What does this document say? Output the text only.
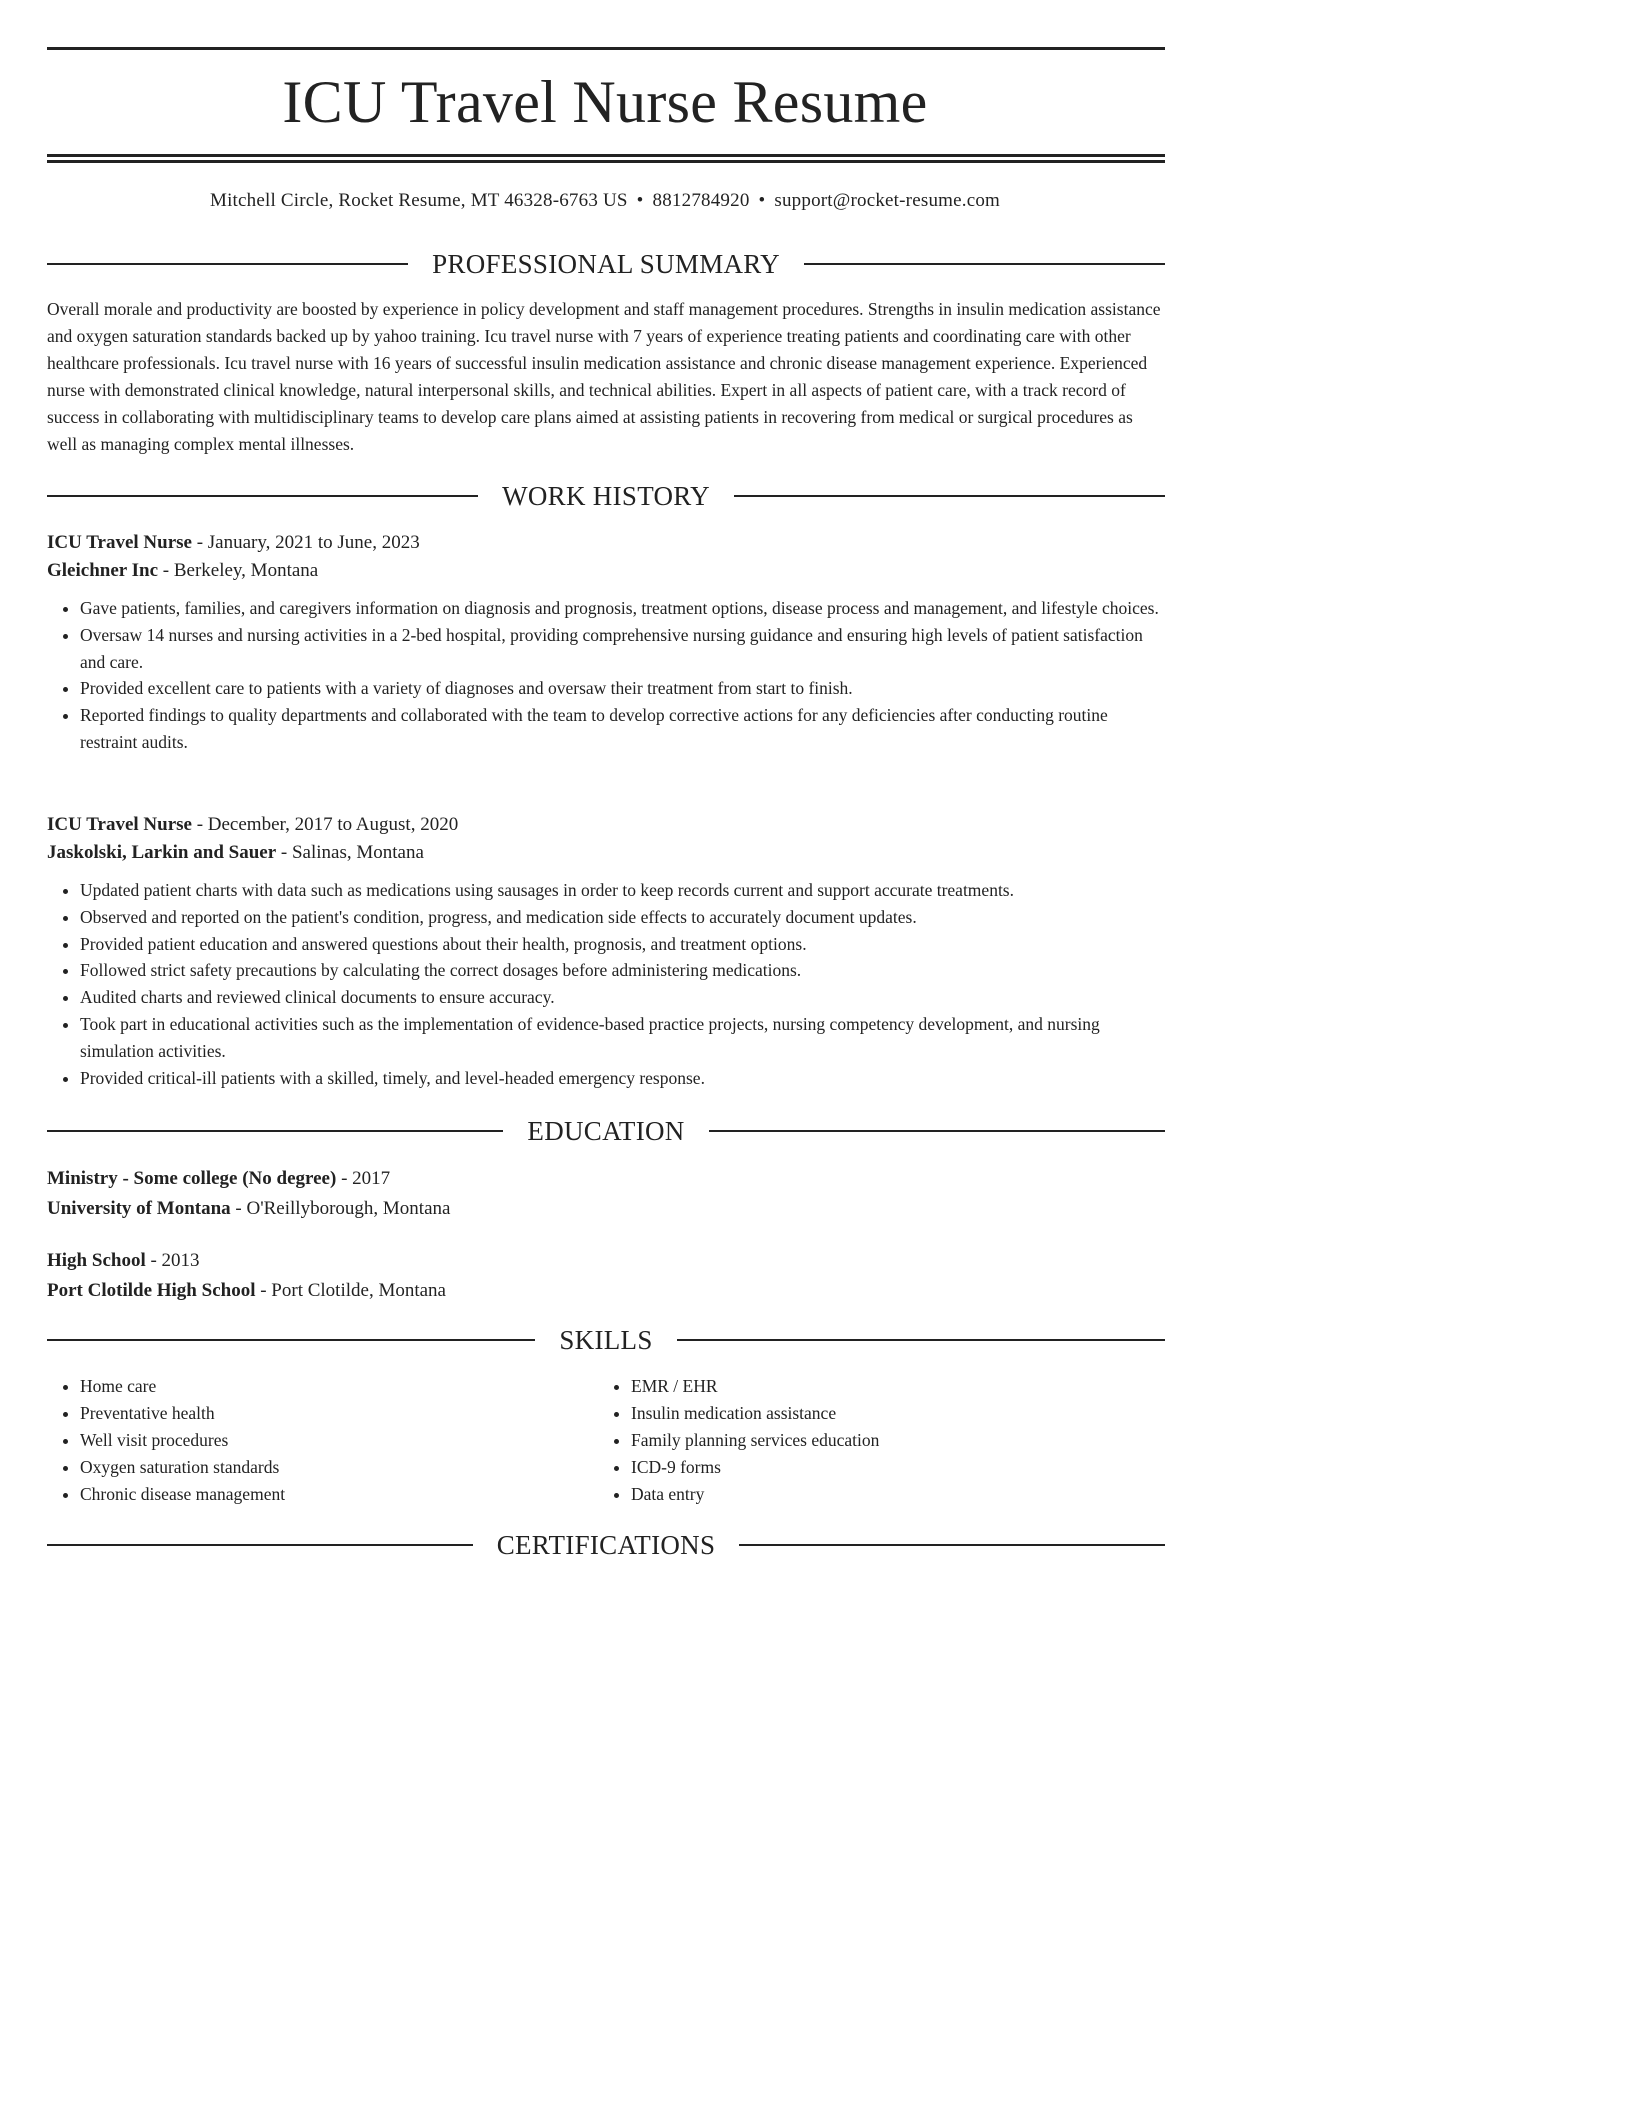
ICU Travel Nurse Resume
Mitchell Circle, Rocket Resume, MT 46328-6763 US • 8812784920 • support@rocket-resume.com
PROFESSIONAL SUMMARY

Overall morale and productivity are boosted by experience in policy development and staff management procedures. Strengths in insulin medication assistance and oxygen saturation standards backed up by yahoo training. Icu travel nurse with 7 years of experience treating patients and coordinating care with other healthcare professionals. Icu travel nurse with 16 years of successful insulin medication assistance and chronic disease management experience. Experienced nurse with demonstrated clinical knowledge, natural interpersonal skills, and technical abilities. Expert in all aspects of patient care, with a track record of success in collaborating with multidisciplinary teams to develop care plans aimed at assisting patients in recovering from medical or surgical procedures as well as managing complex mental illnesses.

WORK HISTORY
ICU Travel Nurse - January, 2021 to June, 2023
Gleichner Inc - Berkeley, Montana
• Gave patients, families, and caregivers information on diagnosis and prognosis, treatment options, disease process and management, and lifestyle choices.
• Oversaw 14 nurses and nursing activities in a 2-bed hospital, providing comprehensive nursing guidance and ensuring high levels of patient satisfaction and care.
• Provided excellent care to patients with a variety of diagnoses and oversaw their treatment from start to finish.
• Reported findings to quality departments and collaborated with the team to develop corrective actions for any deficiencies after conducting routine restraint audits.
ICU Travel Nurse - December, 2017 to August, 2020
Jaskolski, Larkin and Sauer - Salinas, Montana
• Updated patient charts with data such as medications using sausages in order to keep records current and support accurate treatments.
• Observed and reported on the patient's condition, progress, and medication side effects to accurately document updates.
• Provided patient education and answered questions about their health, prognosis, and treatment options.
• Followed strict safety precautions by calculating the correct dosages before administering medications.
• Audited charts and reviewed clinical documents to ensure accuracy.
• Took part in educational activities such as the implementation of evidence-based practice projects, nursing competency development, and nursing simulation activities.
• Provided critical-ill patients with a skilled, timely, and level-headed emergency response.
EDUCATION
Ministry - Some college (No degree) - 2017
University of Montana - O'Reillyborough, Montana
High School - 2013
Port Clotilde High School - Port Clotilde, Montana
SKILLS
• Home care
• Preventative health
• Well visit procedures
• Oxygen saturation standards
• Chronic disease management
• EMR / EHR
• Insulin medication assistance
• Family planning services education
• ICD-9 forms
• Data entry
CERTIFICATIONS
